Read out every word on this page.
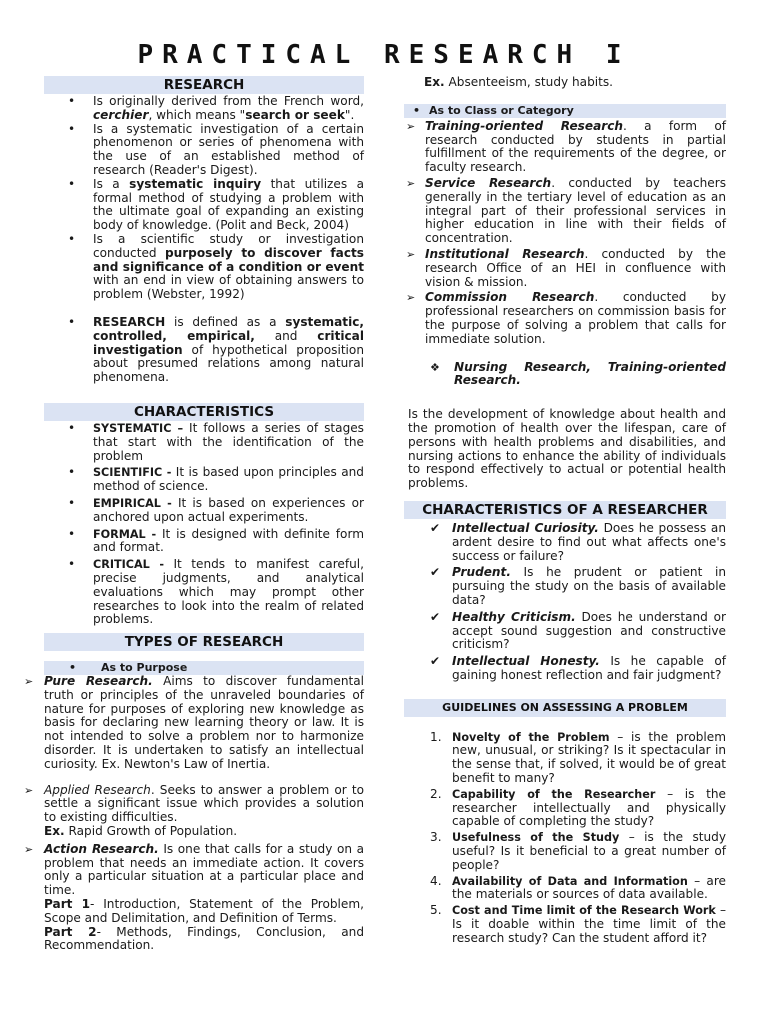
PRACTICAL RESEARCH I
RESEARCH
• Is originally derived from the French word, cerchier, which means "search or seek".
• Is a systematic investigation of a certain phenomenon or series of phenomena with the use of an established method of research (Reader's Digest).
• Is a systematic inquiry that utilizes a formal method of studying a problem with the ultimate goal of expanding an existing body of knowledge. (Polit and Beck, 2004)
• Is a scientific study or investigation conducted purposely to discover facts and significance of a condition or event with an end in view of obtaining answers to problem (Webster, 1992)
• RESEARCH is defined as a systematic, controlled, empirical, and critical investigation of hypothetical proposition about presumed relations among natural phenomena.
CHARACTERISTICS
• SYSTEMATIC – It follows a series of stages that start with the identification of the problem
• SCIENTIFIC - It is based upon principles and method of science.
• EMPIRICAL - It is based on experiences or anchored upon actual experiments.
• FORMAL - It is designed with definite form and format.
• CRITICAL - It tends to manifest careful, precise judgments, and analytical evaluations which may prompt other researches to look into the realm of related problems.
TYPES OF RESEARCH
• As to Purpose
➢ Pure Research. Aims to discover fundamental truth or principles of the unraveled boundaries of nature for purposes of exploring new knowledge as basis for declaring new learning theory or law. It is not intended to solve a problem nor to harmonize disorder. It is undertaken to satisfy an intellectual curiosity. Ex. Newton's Law of Inertia.
➢ Applied Research. Seeks to answer a problem or to settle a significant issue which provides a solution to existing difficulties.
Ex. Rapid Growth of Population.
➢ Action Research. Is one that calls for a study on a problem that needs an immediate action. It covers only a particular situation at a particular place and time.
Part 1- Introduction, Statement of the Problem, Scope and Delimitation, and Definition of Terms.
Part 2- Methods, Findings, Conclusion, and Recommendation.
Ex. Absenteeism, study habits.
• As to Class or Category
➢ Training-oriented Research. a form of research conducted by students in partial fulfillment of the requirements of the degree, or faculty research.
➢ Service Research. conducted by teachers generally in the tertiary level of education as an integral part of their professional services in higher education in line with their fields of concentration.
➢ Institutional Research. conducted by the research Office of an HEI in confluence with vision & mission.
➢ Commission Research. conducted by professional researchers on commission basis for the purpose of solving a problem that calls for immediate solution.
❖ Nursing Research, Training-oriented Research.
Is the development of knowledge about health and the promotion of health over the lifespan, care of persons with health problems and disabilities, and nursing actions to enhance the ability of individuals to respond effectively to actual or potential health problems.
CHARACTERISTICS OF A RESEARCHER
✔ Intellectual Curiosity. Does he possess an ardent desire to find out what affects one's success or failure?
✔ Prudent. Is he prudent or patient in pursuing the study on the basis of available data?
✔ Healthy Criticism. Does he understand or accept sound suggestion and constructive criticism?
✔ Intellectual Honesty. Is he capable of gaining honest reflection and fair judgment?
GUIDELINES ON ASSESSING A PROBLEM
1. Novelty of the Problem – is the problem new, unusual, or striking? Is it spectacular in the sense that, if solved, it would be of great benefit to many?
2. Capability of the Researcher – is the researcher intellectually and physically capable of completing the study?
3. Usefulness of the Study – is the study useful? Is it beneficial to a great number of people?
4. Availability of Data and Information – are the materials or sources of data available.
5. Cost and Time limit of the Research Work – Is it doable within the time limit of the research study? Can the student afford it?
